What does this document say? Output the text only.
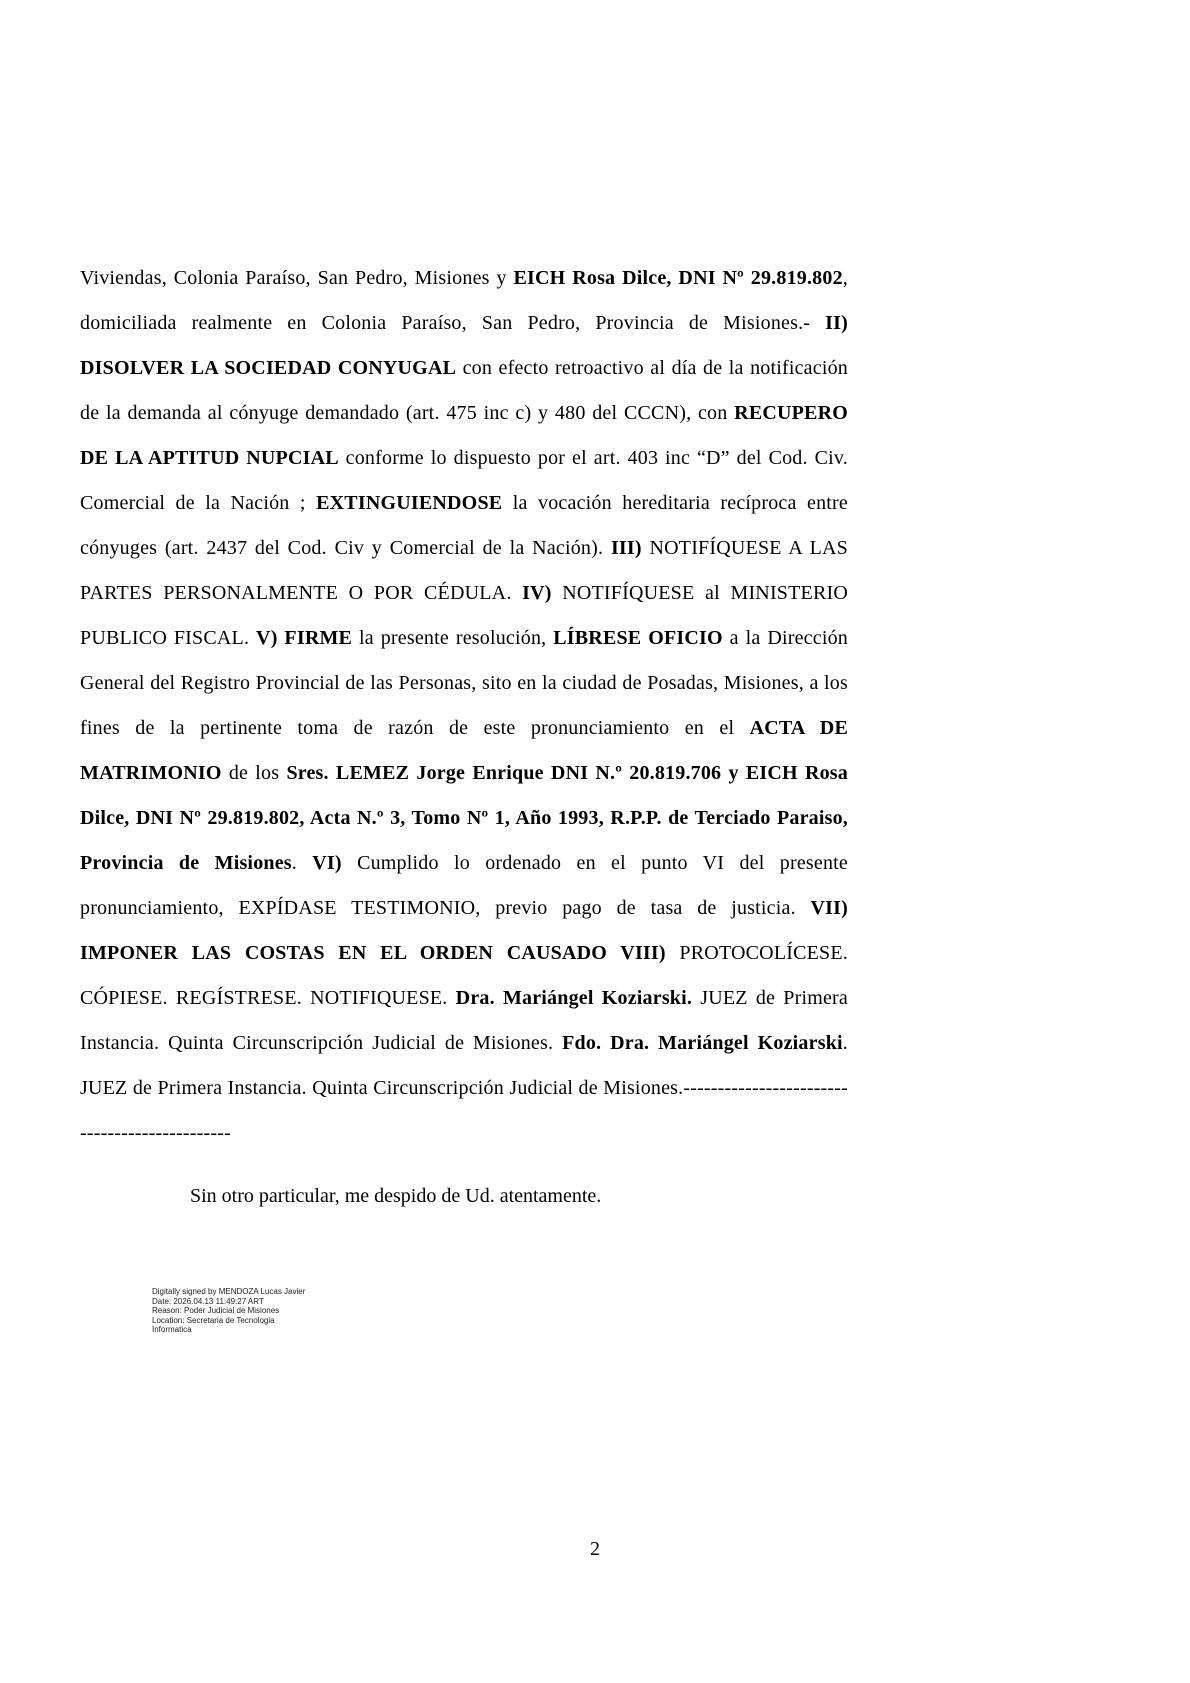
Viviendas, Colonia Paraíso, San Pedro, Misiones y EICH Rosa Dilce, DNI Nº 29.819.802, domiciliada realmente en Colonia Paraíso, San Pedro, Provincia de Misiones.- II) DISOLVER LA SOCIEDAD CONYUGAL con efecto retroactivo al día de la notificación de la demanda al cónyuge demandado (art. 475 inc c) y 480 del CCCN), con RECUPERO DE LA APTITUD NUPCIAL conforme lo dispuesto por el art. 403 inc “D” del Cod. Civ. Comercial de la Nación ; EXTINGUIENDOSE la vocación hereditaria recíproca entre cónyuges (art. 2437 del Cod. Civ y Comercial de la Nación). III) NOTIFÍQUESE A LAS PARTES PERSONALMENTE O POR CÉDULA. IV) NOTIFÍQUESE al MINISTERIO PUBLICO FISCAL. V) FIRME la presente resolución, LÍBRESE OFICIO a la Dirección General del Registro Provincial de las Personas, sito en la ciudad de Posadas, Misiones, a los fines de la pertinente toma de razón de este pronunciamiento en el ACTA DE MATRIMONIO de los Sres. LEMEZ Jorge Enrique DNI N.º 20.819.706 y EICH Rosa Dilce, DNI Nº 29.819.802, Acta N.º 3, Tomo Nº 1, Año 1993, R.P.P. de Terciado Paraiso, Provincia de Misiones. VI) Cumplido lo ordenado en el punto VI del presente pronunciamiento, EXPÍDASE TESTIMONIO, previo pago de tasa de justicia. VII) IMPONER LAS COSTAS EN EL ORDEN CAUSADO VIII) PROTOCOLÍCESE. CÓPIESE. REGÍSTRESE. NOTIFIQUESE. Dra. Mariángel Koziarski. JUEZ de Primera Instancia. Quinta Circunscripción Judicial de Misiones. Fdo. Dra. Mariángel Koziarski. JUEZ de Primera Instancia. Quinta Circunscripción Judicial de Misiones.----------------------------------------------

Sin otro particular, me despido de Ud. atentamente.

Digitally signed by MENDOZA Lucas Javier
Date: 2026.04.13 11:49:27 ART
Reason: Poder Judicial de Misiones
Location: Secretaria de Tecnologia
Informatica
2
